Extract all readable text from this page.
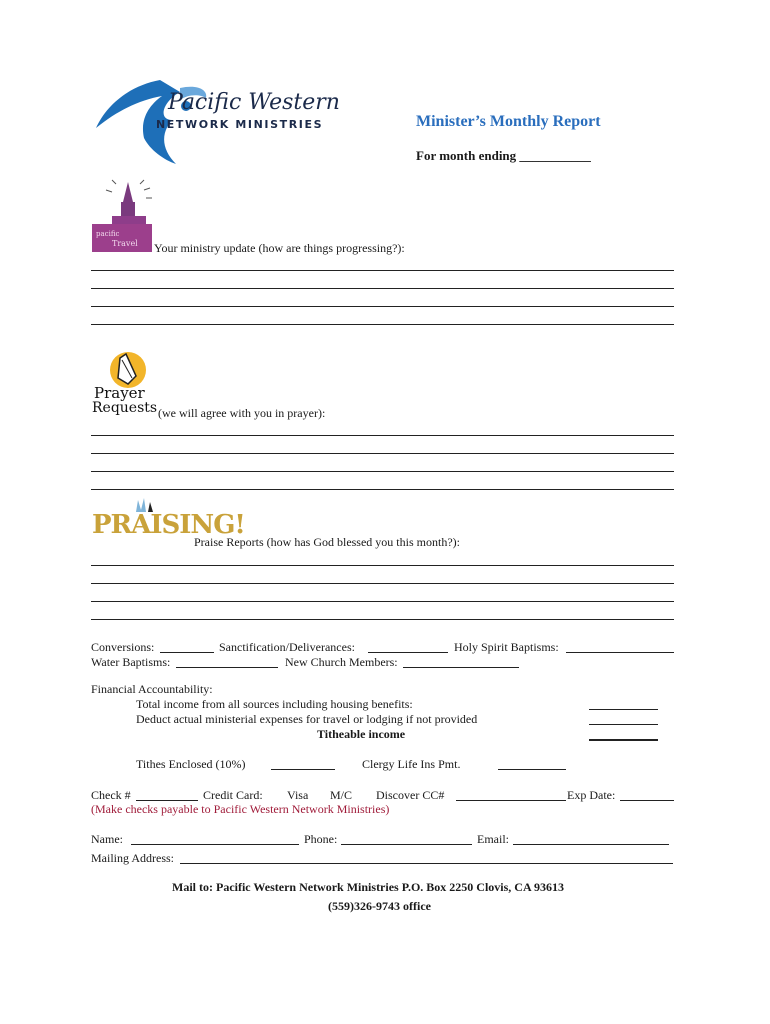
Pacific Western
NETWORK MINISTRIES	Minister’s Monthly Report
For month ending ___________
pacific
Travel Your ministry update (how are things progressing?):
Prayer
Requests (we will agree with you in prayer):
PRAISING!
Praise Reports (how has God blessed you this month?):
Conversions:	Sanctification/Deliverances:	Holy Spirit Baptisms:
Water Baptisms:	New Church Members:
Financial Accountability:
Total income from all sources including housing benefits:
Deduct actual ministerial expenses for travel or lodging if not provided
Titheable income
Tithes Enclosed (10%)	Clergy Life Ins Pmt.
Check #	Credit Card: Visa M/C Discover CC#	Exp Date:
(Make checks payable to Pacific Western Network Ministries)
Name:	Phone:	Email:
Mailing Address:
Mail to: Pacific Western Network Ministries P.O. Box 2250 Clovis, CA 93613
(559)326-9743 office
